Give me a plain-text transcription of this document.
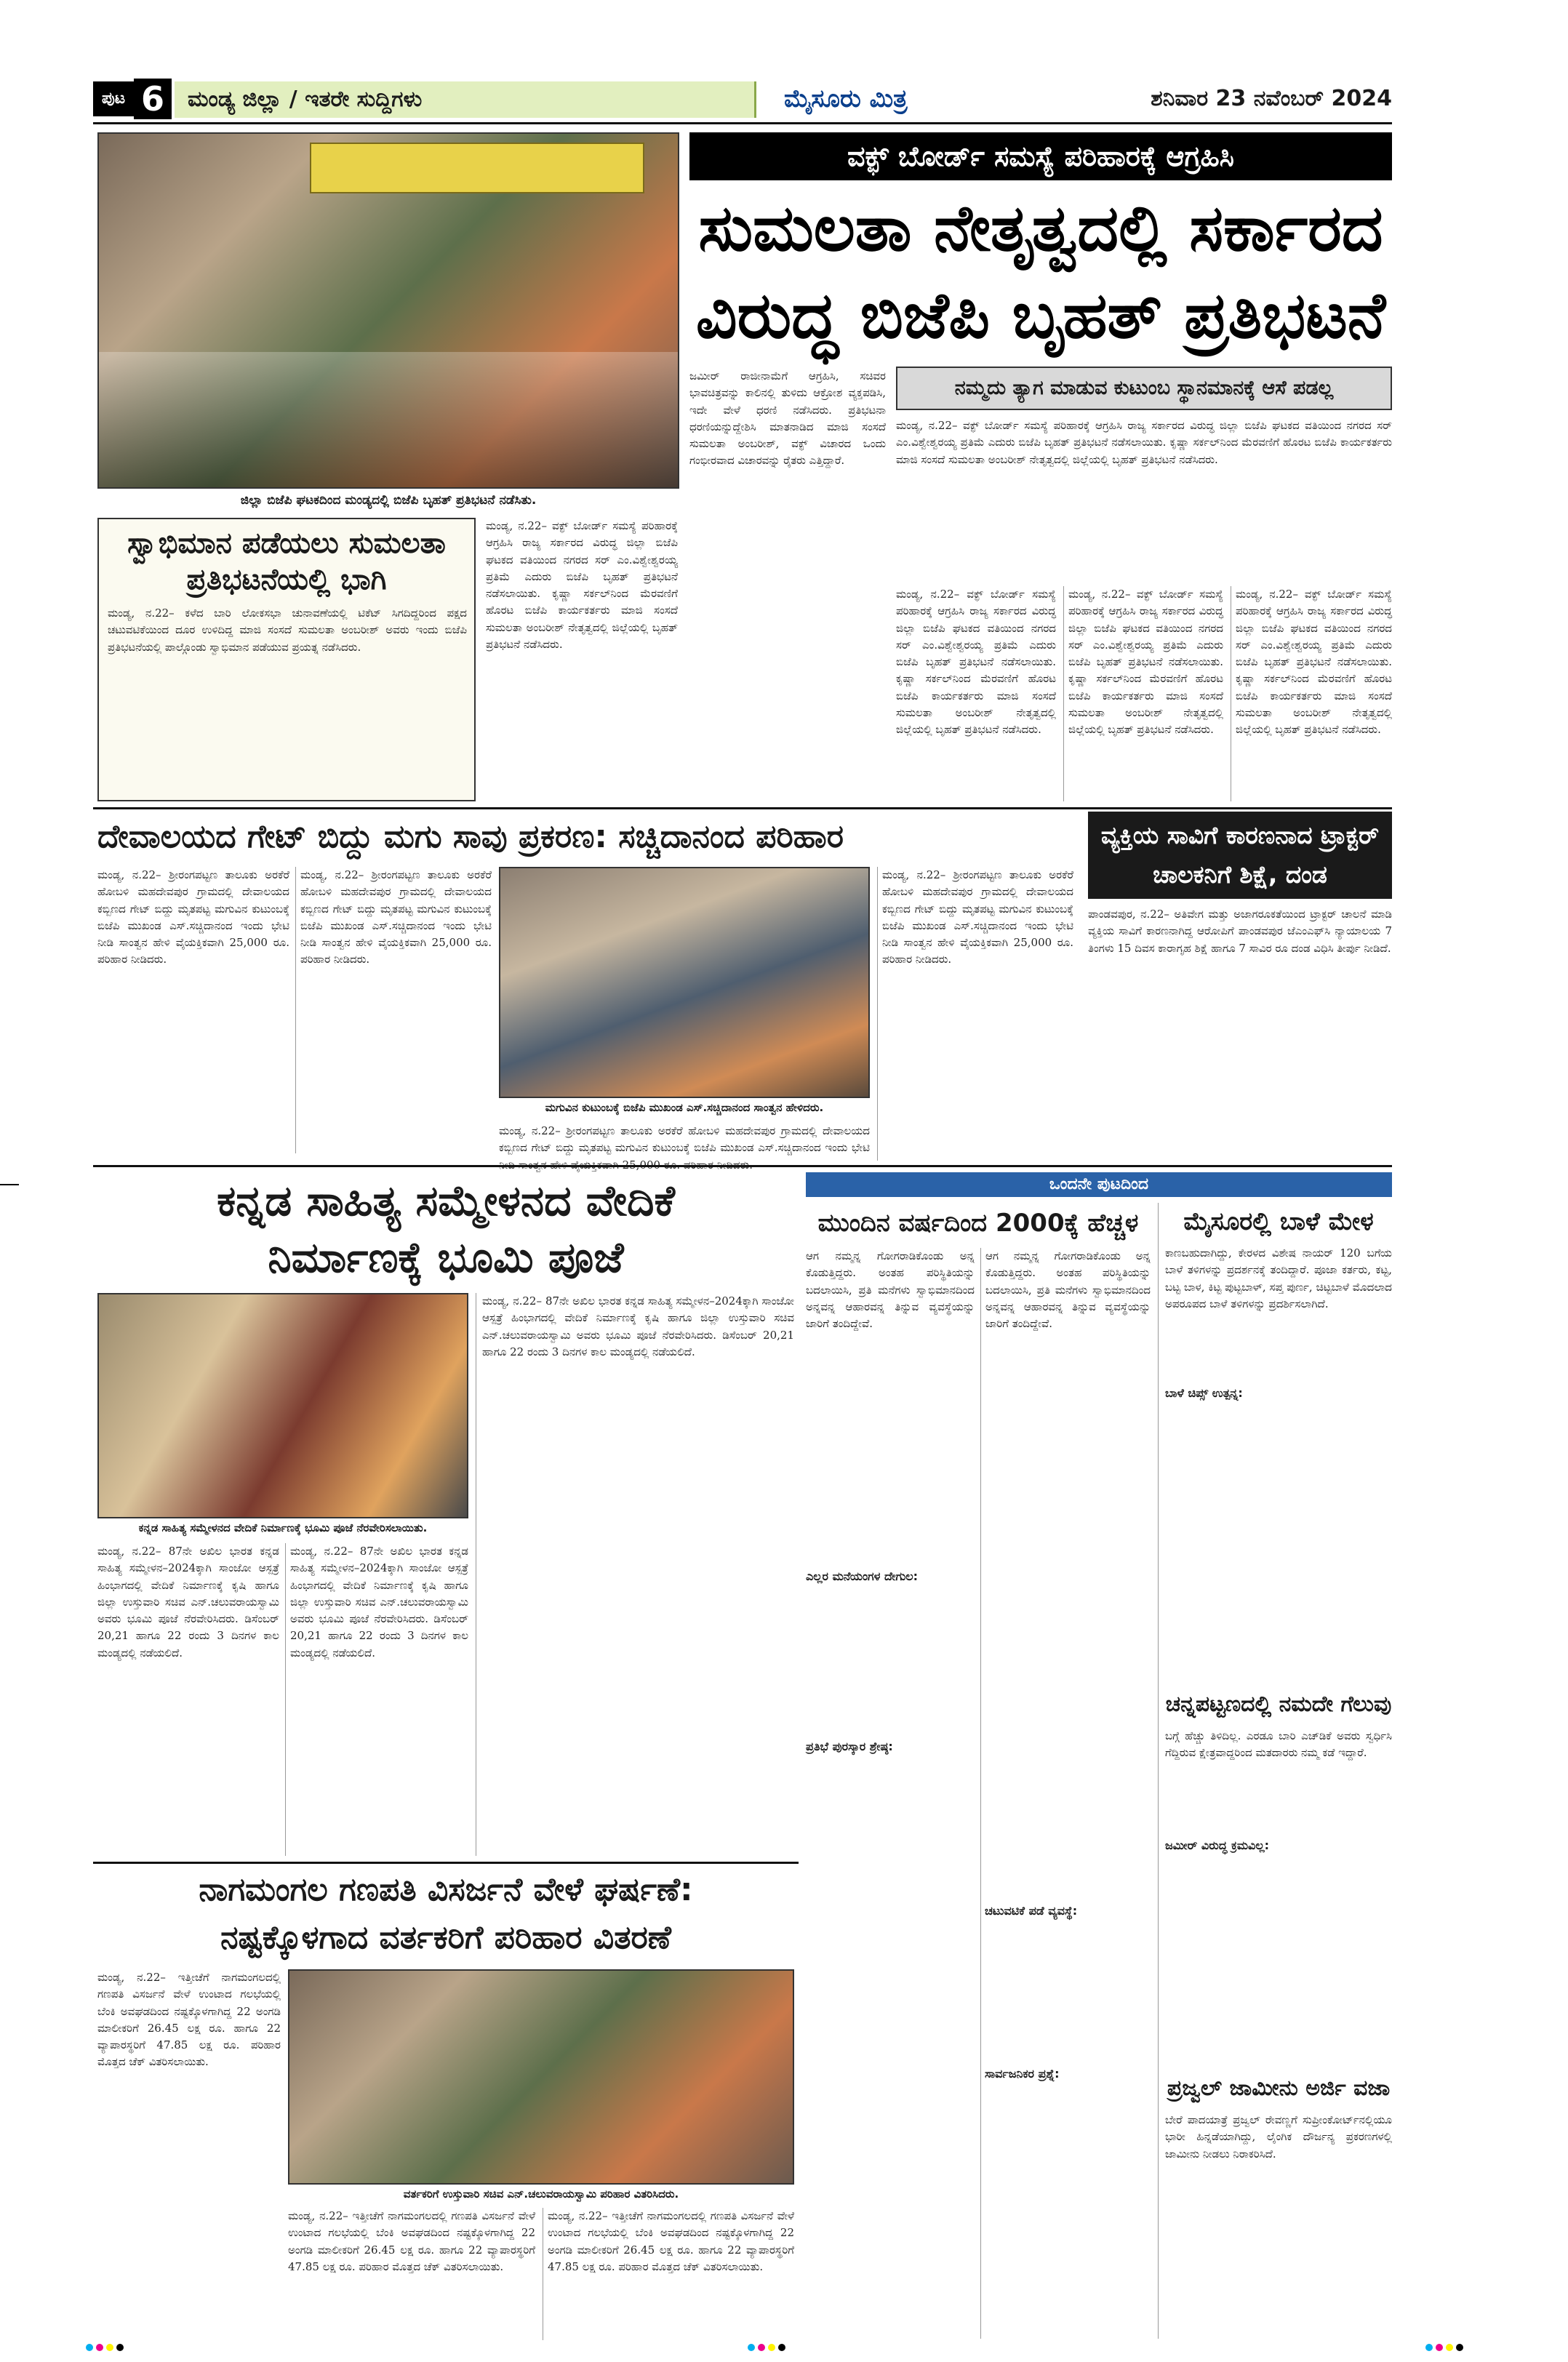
ಪುಟ 6	ಮಂಡ್ಯ ಜಿಲ್ಲಾ / ಇತರೇ ಸುದ್ದಿಗಳು	ಮೈಸೂರು ಮಿತ್ರ	ಶನಿವಾರ 23 ನವೆಂಬರ್ 2024
ಜಿಲ್ಲಾ ಬಿಜೆಪಿ ಘಟಕದಿಂದ ಮಂಡ್ಯದಲ್ಲಿ ಬಿಜೆಪಿ ಬೃಹತ್ ಪ್ರತಿಭಟನೆ ನಡೆಸಿತು.
ವಕ್ಫ್ ಬೋರ್ಡ್ ಸಮಸ್ಯೆ ಪರಿಹಾರಕ್ಕೆ ಆಗ್ರಹಿಸಿ
ಸುಮಲತಾ ನೇತೃತ್ವದಲ್ಲಿ ಸರ್ಕಾರದ
ವಿರುದ್ಧ ಬಿಜೆಪಿ ಬೃಹತ್ ಪ್ರತಿಭಟನೆ
ಜಮೀರ್ ರಾಜೀನಾಮೆಗೆ ಆಗ್ರಹಿಸಿ, ಸಚಿವರ ಭಾವಚಿತ್ರವನ್ನು ಕಾಲಿನಲ್ಲಿ ತುಳಿದು ಆಕ್ರೋಶ ವ್ಯಕ್ತಪಡಿಸಿ, ಇದೇ ವೇಳೆ ಧರಣಿ ನಡೆಸಿದರು. ಪ್ರತಿಭಟನಾ ಧರಣಿಯನ್ನುದ್ದೇಶಿಸಿ ಮಾತನಾಡಿದ ಮಾಜಿ ಸಂಸದೆ ಸುಮಲತಾ ಅಂಬರೀಶ್, ವಕ್ಫ್ ವಿಚಾರದ ಒಂದು ಗಂಭೀರವಾದ ವಿಚಾರವನ್ನು ರೈತರು ಎತ್ತಿದ್ದಾರೆ.
ನಮ್ಮದು ತ್ಯಾಗ ಮಾಡುವ ಕುಟುಂಬ ಸ್ಥಾನಮಾನಕ್ಕೆ ಆಸೆ ಪಡಲ್ಲ
ಮಂಡ್ಯ, ನ.22– ವಕ್ಫ್ ಬೋರ್ಡ್ ಸಮಸ್ಯೆ ಪರಿಹಾರಕ್ಕೆ ಆಗ್ರಹಿಸಿ ರಾಜ್ಯ ಸರ್ಕಾರದ ವಿರುದ್ಧ ಜಿಲ್ಲಾ ಬಿಜೆಪಿ ಘಟಕದ ವತಿಯಿಂದ ನಗರದ ಸರ್ ಎಂ.ವಿಶ್ವೇಶ್ವರಯ್ಯ ಪ್ರತಿಮೆ ಎದುರು ಬಿಜೆಪಿ ಬೃಹತ್ ಪ್ರತಿಭಟನೆ ನಡೆಸಲಾಯಿತು. ಕೃಷ್ಣಾ ಸರ್ಕಲ್‌ನಿಂದ ಮೆರವಣಿಗೆ ಹೊರಟ ಬಿಜೆಪಿ ಕಾರ್ಯಕರ್ತರು ಮಾಜಿ ಸಂಸದೆ ಸುಮಲತಾ ಅಂಬರೀಶ್ ನೇತೃತ್ವದಲ್ಲಿ ಜಿಲ್ಲೆಯಲ್ಲಿ ಬೃಹತ್ ಪ್ರತಿಭಟನೆ ನಡೆಸಿದರು.
ಮಂಡ್ಯ, ನ.22– ವಕ್ಫ್ ಬೋರ್ಡ್ ಸಮಸ್ಯೆ ಪರಿಹಾರಕ್ಕೆ ಆಗ್ರಹಿಸಿ ರಾಜ್ಯ ಸರ್ಕಾರದ ವಿರುದ್ಧ ಜಿಲ್ಲಾ ಬಿಜೆಪಿ ಘಟಕದ ವತಿಯಿಂದ ನಗರದ ಸರ್ ಎಂ.ವಿಶ್ವೇಶ್ವರಯ್ಯ ಪ್ರತಿಮೆ ಎದುರು ಬಿಜೆಪಿ ಬೃಹತ್ ಪ್ರತಿಭಟನೆ ನಡೆಸಲಾಯಿತು. ಕೃಷ್ಣಾ ಸರ್ಕಲ್‌ನಿಂದ ಮೆರವಣಿಗೆ ಹೊರಟ ಬಿಜೆಪಿ ಕಾರ್ಯಕರ್ತರು ಮಾಜಿ ಸಂಸದೆ ಸುಮಲತಾ ಅಂಬರೀಶ್ ನೇತೃತ್ವದಲ್ಲಿ ಜಿಲ್ಲೆಯಲ್ಲಿ ಬೃಹತ್ ಪ್ರತಿಭಟನೆ ನಡೆಸಿದರು.
ಮಂಡ್ಯ, ನ.22– ವಕ್ಫ್ ಬೋರ್ಡ್ ಸಮಸ್ಯೆ ಪರಿಹಾರಕ್ಕೆ ಆಗ್ರಹಿಸಿ ರಾಜ್ಯ ಸರ್ಕಾರದ ವಿರುದ್ಧ ಜಿಲ್ಲಾ ಬಿಜೆಪಿ ಘಟಕದ ವತಿಯಿಂದ ನಗರದ ಸರ್ ಎಂ.ವಿಶ್ವೇಶ್ವರಯ್ಯ ಪ್ರತಿಮೆ ಎದುರು ಬಿಜೆಪಿ ಬೃಹತ್ ಪ್ರತಿಭಟನೆ ನಡೆಸಲಾಯಿತು. ಕೃಷ್ಣಾ ಸರ್ಕಲ್‌ನಿಂದ ಮೆರವಣಿಗೆ ಹೊರಟ ಬಿಜೆಪಿ ಕಾರ್ಯಕರ್ತರು ಮಾಜಿ ಸಂಸದೆ ಸುಮಲತಾ ಅಂಬರೀಶ್ ನೇತೃತ್ವದಲ್ಲಿ ಜಿಲ್ಲೆಯಲ್ಲಿ ಬೃಹತ್ ಪ್ರತಿಭಟನೆ ನಡೆಸಿದರು.
ಮಂಡ್ಯ, ನ.22– ವಕ್ಫ್ ಬೋರ್ಡ್ ಸಮಸ್ಯೆ ಪರಿಹಾರಕ್ಕೆ ಆಗ್ರಹಿಸಿ ರಾಜ್ಯ ಸರ್ಕಾರದ ವಿರುದ್ಧ ಜಿಲ್ಲಾ ಬಿಜೆಪಿ ಘಟಕದ ವತಿಯಿಂದ ನಗರದ ಸರ್ ಎಂ.ವಿಶ್ವೇಶ್ವರಯ್ಯ ಪ್ರತಿಮೆ ಎದುರು ಬಿಜೆಪಿ ಬೃಹತ್ ಪ್ರತಿಭಟನೆ ನಡೆಸಲಾಯಿತು. ಕೃಷ್ಣಾ ಸರ್ಕಲ್‌ನಿಂದ ಮೆರವಣಿಗೆ ಹೊರಟ ಬಿಜೆಪಿ ಕಾರ್ಯಕರ್ತರು ಮಾಜಿ ಸಂಸದೆ ಸುಮಲತಾ ಅಂಬರೀಶ್ ನೇತೃತ್ವದಲ್ಲಿ ಜಿಲ್ಲೆಯಲ್ಲಿ ಬೃಹತ್ ಪ್ರತಿಭಟನೆ ನಡೆಸಿದರು.
ಸ್ವಾಭಿಮಾನ ಪಡೆಯಲು ಸುಮಲತಾ ಪ್ರತಿಭಟನೆಯಲ್ಲಿ ಭಾಗಿ
ಮಂಡ್ಯ, ನ.22– ಕಳೆದ ಬಾರಿ ಲೋಕಸಭಾ ಚುನಾವಣೆಯಲ್ಲಿ ಟಿಕೆಟ್ ಸಿಗದಿದ್ದರಿಂದ ಪಕ್ಷದ ಚಟುವಟಿಕೆಯಿಂದ ದೂರ ಉಳಿದಿದ್ದ ಮಾಜಿ ಸಂಸದೆ ಸುಮಲತಾ ಅಂಬರೀಶ್ ಅವರು ಇಂದು ಬಿಜೆಪಿ ಪ್ರತಿಭಟನೆಯಲ್ಲಿ ಪಾಲ್ಗೊಂಡು ಸ್ವಾಭಿಮಾನ ಪಡೆಯುವ ಪ್ರಯತ್ನ ನಡೆಸಿದರು.
ಮಂಡ್ಯ, ನ.22– ವಕ್ಫ್ ಬೋರ್ಡ್ ಸಮಸ್ಯೆ ಪರಿಹಾರಕ್ಕೆ ಆಗ್ರಹಿಸಿ ರಾಜ್ಯ ಸರ್ಕಾರದ ವಿರುದ್ಧ ಜಿಲ್ಲಾ ಬಿಜೆಪಿ ಘಟಕದ ವತಿಯಿಂದ ನಗರದ ಸರ್ ಎಂ.ವಿಶ್ವೇಶ್ವರಯ್ಯ ಪ್ರತಿಮೆ ಎದುರು ಬಿಜೆಪಿ ಬೃಹತ್ ಪ್ರತಿಭಟನೆ ನಡೆಸಲಾಯಿತು. ಕೃಷ್ಣಾ ಸರ್ಕಲ್‌ನಿಂದ ಮೆರವಣಿಗೆ ಹೊರಟ ಬಿಜೆಪಿ ಕಾರ್ಯಕರ್ತರು ಮಾಜಿ ಸಂಸದೆ ಸುಮಲತಾ ಅಂಬರೀಶ್ ನೇತೃತ್ವದಲ್ಲಿ ಜಿಲ್ಲೆಯಲ್ಲಿ ಬೃಹತ್ ಪ್ರತಿಭಟನೆ ನಡೆಸಿದರು.
ದೇವಾಲಯದ ಗೇಟ್ ಬಿದ್ದು ಮಗು ಸಾವು ಪ್ರಕರಣ: ಸಚ್ಚಿದಾನಂದ ಪರಿಹಾರ
ಮಂಡ್ಯ, ನ.22– ಶ್ರೀರಂಗಪಟ್ಟಣ ತಾಲೂಕು ಅರಕೆರೆ ಹೋಬಳಿ ಮಹದೇವಪುರ ಗ್ರಾಮದಲ್ಲಿ ದೇವಾಲಯದ ಕಬ್ಬಿಣದ ಗೇಟ್ ಬಿದ್ದು ಮೃತಪಟ್ಟ ಮಗುವಿನ ಕುಟುಂಬಕ್ಕೆ ಬಿಜೆಪಿ ಮುಖಂಡ ಎಸ್.ಸಚ್ಚಿದಾನಂದ ಇಂದು ಭೇಟಿ ನೀಡಿ ಸಾಂತ್ವನ ಹೇಳಿ ವೈಯಕ್ತಿಕವಾಗಿ 25,000 ರೂ. ಪರಿಹಾರ ನೀಡಿದರು.
ಮಂಡ್ಯ, ನ.22– ಶ್ರೀರಂಗಪಟ್ಟಣ ತಾಲೂಕು ಅರಕೆರೆ ಹೋಬಳಿ ಮಹದೇವಪುರ ಗ್ರಾಮದಲ್ಲಿ ದೇವಾಲಯದ ಕಬ್ಬಿಣದ ಗೇಟ್ ಬಿದ್ದು ಮೃತಪಟ್ಟ ಮಗುವಿನ ಕುಟುಂಬಕ್ಕೆ ಬಿಜೆಪಿ ಮುಖಂಡ ಎಸ್.ಸಚ್ಚಿದಾನಂದ ಇಂದು ಭೇಟಿ ನೀಡಿ ಸಾಂತ್ವನ ಹೇಳಿ ವೈಯಕ್ತಿಕವಾಗಿ 25,000 ರೂ. ಪರಿಹಾರ ನೀಡಿದರು.
ಮಗುವಿನ ಕುಟುಂಬಕ್ಕೆ ಬಿಜೆಪಿ ಮುಖಂಡ ಎಸ್.ಸಚ್ಚಿದಾನಂದ ಸಾಂತ್ವನ ಹೇಳಿದರು.
ಮಂಡ್ಯ, ನ.22– ಶ್ರೀರಂಗಪಟ್ಟಣ ತಾಲೂಕು ಅರಕೆರೆ ಹೋಬಳಿ ಮಹದೇವಪುರ ಗ್ರಾಮದಲ್ಲಿ ದೇವಾಲಯದ ಕಬ್ಬಿಣದ ಗೇಟ್ ಬಿದ್ದು ಮೃತಪಟ್ಟ ಮಗುವಿನ ಕುಟುಂಬಕ್ಕೆ ಬಿಜೆಪಿ ಮುಖಂಡ ಎಸ್.ಸಚ್ಚಿದಾನಂದ ಇಂದು ಭೇಟಿ
ಮಂಡ್ಯ, ನ.22– ಶ್ರೀರಂಗಪಟ್ಟಣ ತಾಲೂಕು ಅರಕೆರೆ ಹೋಬಳಿ ಮಹದೇವಪುರ ಗ್ರಾಮದಲ್ಲಿ ದೇವಾಲಯದ ಕಬ್ಬಿಣದ ಗೇಟ್ ಬಿದ್ದು ಮೃತಪಟ್ಟ ಮಗುವಿನ ಕುಟುಂಬಕ್ಕೆ ಬಿಜೆಪಿ ಮುಖಂಡ ಎಸ್.ಸಚ್ಚಿದಾನಂದ ಇಂದು ಭೇಟಿ ನೀಡಿ ಸಾಂತ್ವನ ಹೇಳಿ ವೈಯಕ್ತಿಕವಾಗಿ 25,000 ರೂ. ಪರಿಹಾರ ನೀಡಿದರು.
ವ್ಯಕ್ತಿಯ ಸಾವಿಗೆ ಕಾರಣನಾದ ಟ್ರಾಕ್ಟರ್ ಚಾಲಕನಿಗೆ ಶಿಕ್ಷೆ, ದಂಡ
ಪಾಂಡವಪುರ, ನ.22– ಅತಿವೇಗ ಮತ್ತು ಅಜಾಗರೂಕತೆಯಿಂದ ಟ್ರಾಕ್ಟರ್ ಚಾಲನೆ ಮಾಡಿ ವ್ಯಕ್ತಿಯ ಸಾವಿಗೆ ಕಾರಣನಾಗಿದ್ದ ಆರೋಪಿಗೆ ಪಾಂಡವಪುರ ಜೆಎಂಎಫ್‌ಸಿ ನ್ಯಾಯಾಲಯ 7 ತಿಂಗಳು 15 ದಿವಸ ಕಾರಾಗೃಹ ಶಿಕ್ಷೆ ಹಾಗೂ 7 ಸಾವಿರ ರೂ ದಂಡ ವಿಧಿಸಿ ತೀರ್ಪು ನೀಡಿದೆ.
ಕನ್ನಡ ಸಾಹಿತ್ಯ ಸಮ್ಮೇಳನದ ವೇದಿಕೆ
ನಿರ್ಮಾಣಕ್ಕೆ ಭೂಮಿ ಪೂಜೆ
ಕನ್ನಡ ಸಾಹಿತ್ಯ ಸಮ್ಮೇಳನದ ವೇದಿಕೆ ನಿರ್ಮಾಣಕ್ಕೆ ಭೂಮಿ ಪೂಜೆ ನೆರವೇರಿಸಲಾಯಿತು.
ಮಂಡ್ಯ, ನ.22– 87ನೇ ಅಖಿಲ ಭಾರತ ಕನ್ನಡ ಸಾಹಿತ್ಯ ಸಮ್ಮೇಳನ–2024ಕ್ಕಾಗಿ ಸಾಂಜೋ ಆಸ್ಪತ್ರೆ ಹಿಂಭಾಗದಲ್ಲಿ ವೇದಿಕೆ ನಿರ್ಮಾಣಕ್ಕೆ ಕೃಷಿ ಹಾಗೂ ಜಿಲ್ಲಾ ಉಸ್ತುವಾರಿ ಸಚಿವ ಎನ್.ಚಲುವರಾಯಸ್ವಾಮಿ ಅವರು ಭೂಮಿ ಪೂಜೆ ನೆರವೇರಿಸಿದರು. ಡಿಸೆಂಬರ್ 20,21 ಹಾಗೂ 22 ರಂದು 3 ದಿನಗಳ ಕಾಲ ಮಂಡ್ಯದಲ್ಲಿ ನಡೆಯಲಿದೆ.
ಮಂಡ್ಯ, ನ.22– 87ನೇ ಅಖಿಲ ಭಾರತ ಕನ್ನಡ ಸಾಹಿತ್ಯ ಸಮ್ಮೇಳನ–2024ಕ್ಕಾಗಿ ಸಾಂಜೋ ಆಸ್ಪತ್ರೆ ಹಿಂಭಾಗದಲ್ಲಿ ವೇದಿಕೆ ನಿರ್ಮಾಣಕ್ಕೆ ಕೃಷಿ ಹಾಗೂ ಜಿಲ್ಲಾ ಉಸ್ತುವಾರಿ ಸಚಿವ ಎನ್.ಚಲುವರಾಯಸ್ವಾಮಿ ಅವರು ಭೂಮಿ ಪೂಜೆ ನೆರವೇರಿಸಿದರು. ಡಿಸೆಂಬರ್ 20,21 ಹಾಗೂ 22 ರಂದು 3 ದಿನಗಳ ಕಾಲ ಮಂಡ್ಯದಲ್ಲಿ ನಡೆಯಲಿದೆ.
ಮಂಡ್ಯ, ನ.22– 87ನೇ ಅಖಿಲ ಭಾರತ ಕನ್ನಡ ಸಾಹಿತ್ಯ ಸಮ್ಮೇಳನ–2024ಕ್ಕಾಗಿ ಸಾಂಜೋ ಆಸ್ಪತ್ರೆ ಹಿಂಭಾಗದಲ್ಲಿ ವೇದಿಕೆ ನಿರ್ಮಾಣಕ್ಕೆ ಕೃಷಿ ಹಾಗೂ ಜಿಲ್ಲಾ ಉಸ್ತುವಾರಿ ಸಚಿವ ಎನ್.ಚಲುವರಾಯಸ್ವಾಮಿ ಅವರು ಭೂಮಿ ಪೂಜೆ ನೆರವೇರಿಸಿದರು. ಡಿಸೆಂಬರ್ 20,21 ಹಾಗೂ 22 ರಂದು 3 ದಿನಗಳ ಕಾಲ ಮಂಡ್ಯದಲ್ಲಿ ನಡೆಯಲಿದೆ.
ನಾಗಮಂಗಲ ಗಣಪತಿ ವಿಸರ್ಜನೆ ವೇಳೆ ಘರ್ಷಣೆ:
ನಷ್ಟಕ್ಕೊಳಗಾದ ವರ್ತಕರಿಗೆ ಪರಿಹಾರ ವಿತರಣೆ
ಮಂಡ್ಯ, ನ.22– ಇತ್ತೀಚೆಗೆ ನಾಗಮಂಗಲದಲ್ಲಿ ಗಣಪತಿ ವಿಸರ್ಜನೆ ವೇಳೆ ಉಂಟಾದ ಗಲಭೆಯಲ್ಲಿ ಬೆಂಕಿ ಅವಘಡದಿಂದ ನಷ್ಟಕ್ಕೊಳಗಾಗಿದ್ದ 22 ಅಂಗಡಿ ಮಾಲೀಕರಿಗೆ 26.45 ಲಕ್ಷ ರೂ. ಹಾಗೂ 22 ವ್ಯಾಪಾರಸ್ಥರಿಗೆ 47.85 ಲಕ್ಷ ರೂ. ಪರಿಹಾರ ಮೊತ್ತದ ಚೆಕ್ ವಿತರಿಸಲಾಯಿತು.
ವರ್ತಕರಿಗೆ ಉಸ್ತುವಾರಿ ಸಚಿವ ಎನ್.ಚಲುವರಾಯಸ್ವಾಮಿ ಪರಿಹಾರ ವಿತರಿಸಿದರು.
ಮಂಡ್ಯ, ನ.22– ಇತ್ತೀಚೆಗೆ ನಾಗಮಂಗಲದಲ್ಲಿ ಗಣಪತಿ ವಿಸರ್ಜನೆ ವೇಳೆ ಉಂಟಾದ ಗಲಭೆಯಲ್ಲಿ ಬೆಂಕಿ ಅವಘಡದಿಂದ ನಷ್ಟಕ್ಕೊಳಗಾಗಿದ್ದ 22 ಅಂಗಡಿ ಮಾಲೀಕರಿಗೆ 26.45 ಲಕ್ಷ ರೂ. ಹಾಗೂ 22 ವ್ಯಾಪಾರಸ್ಥರಿಗೆ 47.85 ಲಕ್ಷ ರೂ. ಪರಿಹಾರ ಮೊತ್ತದ ಚೆಕ್ ವಿತರಿಸಲಾಯಿತು.
ಮಂಡ್ಯ, ನ.22– ಇತ್ತೀಚೆಗೆ ನಾಗಮಂಗಲದಲ್ಲಿ ಗಣಪತಿ ವಿಸರ್ಜನೆ ವೇಳೆ ಉಂಟಾದ ಗಲಭೆಯಲ್ಲಿ ಬೆಂಕಿ ಅವಘಡದಿಂದ ನಷ್ಟಕ್ಕೊಳಗಾಗಿದ್ದ 22 ಅಂಗಡಿ ಮಾಲೀಕರಿಗೆ 26.45 ಲಕ್ಷ ರೂ. ಹಾಗೂ 22 ವ್ಯಾಪಾರಸ್ಥರಿಗೆ 47.85 ಲಕ್ಷ ರೂ. ಪರಿಹಾರ ಮೊತ್ತದ ಚೆಕ್ ವಿತರಿಸಲಾಯಿತು.
ಒಂದನೇ ಪುಟದಿಂದ
ಮುಂದಿನ ವರ್ಷದಿಂದ 2000ಕ್ಕೆ ಹೆಚ್ಚಳ
ಆಗ ನಮ್ಮನ್ನ ಗೋಗರಾಡಿಕೊಂಡು ಅನ್ನ ಕೊಡುತ್ತಿದ್ದರು. ಅಂತಹ ಪರಿಸ್ಥಿತಿಯನ್ನು ಬದಲಾಯಿಸಿ, ಪ್ರತಿ ಮನೆಗಳು ಸ್ವಾಭಿಮಾನದಿಂದ ಅನ್ನವನ್ನ ಆಹಾರವನ್ನ ತಿನ್ನುವ ವ್ಯವಸ್ಥೆಯನ್ನು ಜಾರಿಗೆ ತಂದಿದ್ದೇವೆ.
ಆಗ ನಮ್ಮನ್ನ ಗೋಗರಾಡಿಕೊಂಡು ಅನ್ನ ಕೊಡುತ್ತಿದ್ದರು. ಅಂತಹ ಪರಿಸ್ಥಿತಿಯನ್ನು ಬದಲಾಯಿಸಿ, ಪ್ರತಿ ಮನೆಗಳು ಸ್ವಾಭಿಮಾನದಿಂದ ಅನ್ನವನ್ನ ಆಹಾರವನ್ನ ತಿನ್ನುವ ವ್ಯವಸ್ಥೆಯನ್ನು ಜಾರಿಗೆ ತಂದಿದ್ದೇವೆ.
ಎಲ್ಲರ ಮನೆಯಂಗಳ ದೇಗುಲ:
ಪ್ರತಿಭೆ ಪುರಸ್ಕಾರ ಶ್ರೇಷ್ಠ:
ಚಟುವಟಿಕೆ ಪಡೆ ವ್ಯವಸ್ಥೆ:
ಸಾರ್ವಜನಿಕರ ಪ್ರಶ್ನೆ:
ಮೈಸೂರಲ್ಲಿ ಬಾಳೆ ಮೇಳ
ಕಾಣಬಹುದಾಗಿದ್ದು, ಕೇರಳದ ವಿಶೇಷ ನಾಯರ್ 120 ಬಗೆಯ ಬಾಳೆ ತಳಿಗಳನ್ನು ಪ್ರದರ್ಶನಕ್ಕೆ ತಂದಿದ್ದಾರೆ. ಪೂಜಾ ಕರ್ತರು, ಕಟ್ಟ, ಬಟ್ಟ ಬಾಳ, ಕಿಟ್ಟ ಪುಟ್ಟಬಾಳ್, ಸಪ್ತ ಪುರ್ಣ, ಚಿಟ್ಟಬಾಳೆ ಮೊದಲಾದ ಅಪರೂಪದ ಬಾಳೆ ತಳಿಗಳನ್ನು ಪ್ರದರ್ಶಿಸಲಾಗಿದೆ.
ಬಾಳೆ ಚಿಪ್ಸ್ ಉತ್ಪನ್ನ:
ಚನ್ನಪಟ್ಟಣದಲ್ಲಿ ನಮದೇ ಗೆಲುವು
ಬಗ್ಗೆ ಹೆಚ್ಚು ತಿಳಿದಿಲ್ಲ. ಎರಡೂ ಬಾರಿ ಎಚ್‌ಡಿಕೆ ಅವರು ಸ್ವರ್ಧಿಸಿ ಗೆದ್ದಿರುವ ಕ್ಷೇತ್ರವಾದ್ದರಿಂದ ಮತದಾರರು ನಮ್ಮ ಕಡೆ ಇದ್ದಾರೆ.
ಜಮೀರ್ ವಿರುದ್ಧ ಕ್ರಮವಿಲ್ಲ:
ಪ್ರಜ್ವಲ್ ಜಾಮೀನು ಅರ್ಜಿ ವಜಾ
ಬೇರೆ ಪಾದಯಾತ್ರೆ ಪ್ರಜ್ವಲ್ ರೇವಣ್ಣಗೆ ಸುಪ್ರೀಂಕೋರ್ಟ್‌ನಲ್ಲಿಯೂ ಭಾರೀ ಹಿನ್ನಡೆಯಾಗಿದ್ದು, ಲೈಂಗಿಕ ದೌರ್ಜನ್ಯ ಪ್ರಕರಣಗಳಲ್ಲಿ ಜಾಮೀನು ನೀಡಲು ನಿರಾಕರಿಸಿದೆ.
